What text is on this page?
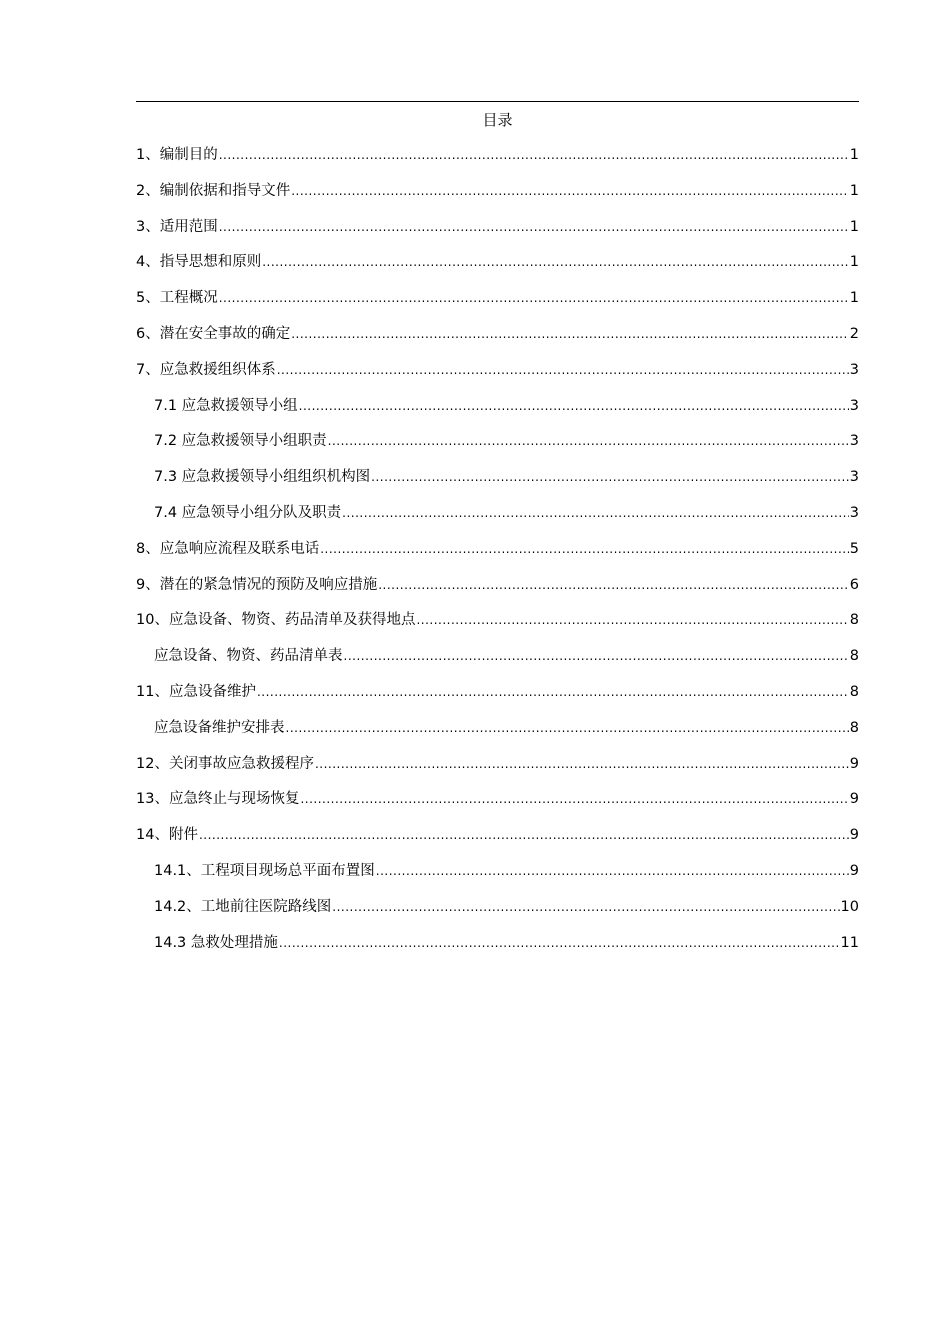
目录
1、编制目的 .....	1
2、编制依据和指导文件 .....	1
3、适用范围 .....	1
4、指导思想和原则 .....	1
5、工程概况 .....	1
6、潜在安全事故的确定 .....	2
7、应急救援组织体系 .....	3
7.1 应急救援领导小组 .....	3
7.2 应急救援领导小组职责 .....	3
7.3 应急救援领导小组组织机构图 .....	3
7.4 应急领导小组分队及职责 .....	3
8、应急响应流程及联系电话 .....	5
9、潜在的紧急情况的预防及响应措施 .....	6
10、应急设备、物资、药品清单及获得地点 .....	8
应急设备、物资、药品清单表 .....	8
11、应急设备维护 .....	8
应急设备维护安排表 .....	8
12、关闭事故应急救援程序 .....	9
13、应急终止与现场恢复 .....	9
14、附件 .....	9
14.1、工程项目现场总平面布置图 .....	9
14.2、工地前往医院路线图 .....	10
14.3 急救处理措施 .....	11
